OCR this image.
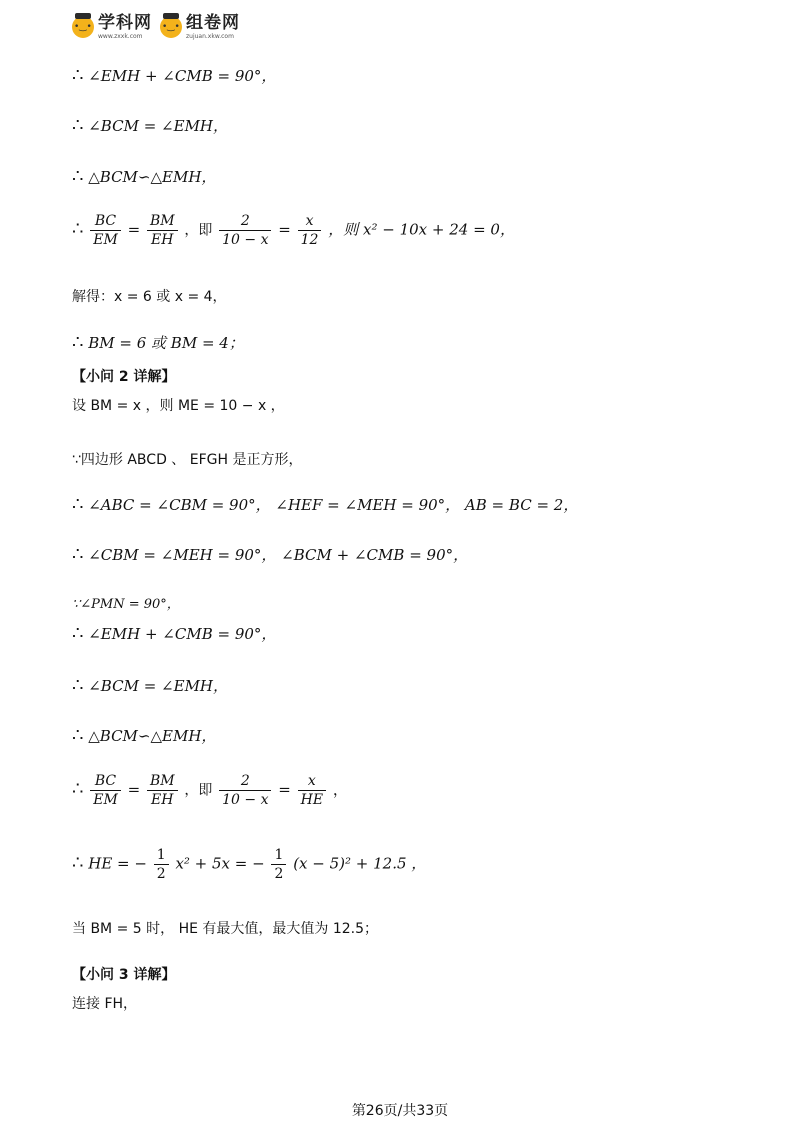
•‿•
学科网
www.zxxk.com
•‿•
组卷网
zujuan.xkw.com
∴ ∠EMH + ∠CMB = 90°，
∴ ∠BCM = ∠EMH，
∴ △BCM∽△EMH，
∴ $\frac{BC}{EM} = \frac{BM}{EH}$ ，即 $\frac{2}{10 - x} = \frac{x}{12}$ ，则 x² − 10x + 24 = 0，
解得：x = 6 或 x = 4，
∴ BM = 6 或 BM = 4；
【小问 2 详解】
设 BM = x ，则 ME = 10 − x ，
∵四边形 ABCD 、 EFGH 是正方形，
∴ ∠ABC = ∠CBM = 90°， ∠HEF = ∠MEH = 90°， AB = BC = 2，
∴ ∠CBM = ∠MEH = 90°， ∠BCM + ∠CMB = 90°，
∵∠PMN = 90°，
∴ ∠EMH + ∠CMB = 90°，
∴ ∠BCM = ∠EMH，
∴ △BCM∽△EMH，
∴ $\frac{BC}{EM} = \frac{BM}{EH}$ ，即 $\frac{2}{10 - x} = \frac{x}{HE}$ ，
∴ HE = − $\frac{1}{2} x^2 + 5x$ = − $\frac{1}{2} (x - 5)^2 + 12.5$ ，
当 BM = 5 时， HE 有最大值，最大值为 12.5；
【小问 3 详解】
连接 FH，
第26页/共33页
